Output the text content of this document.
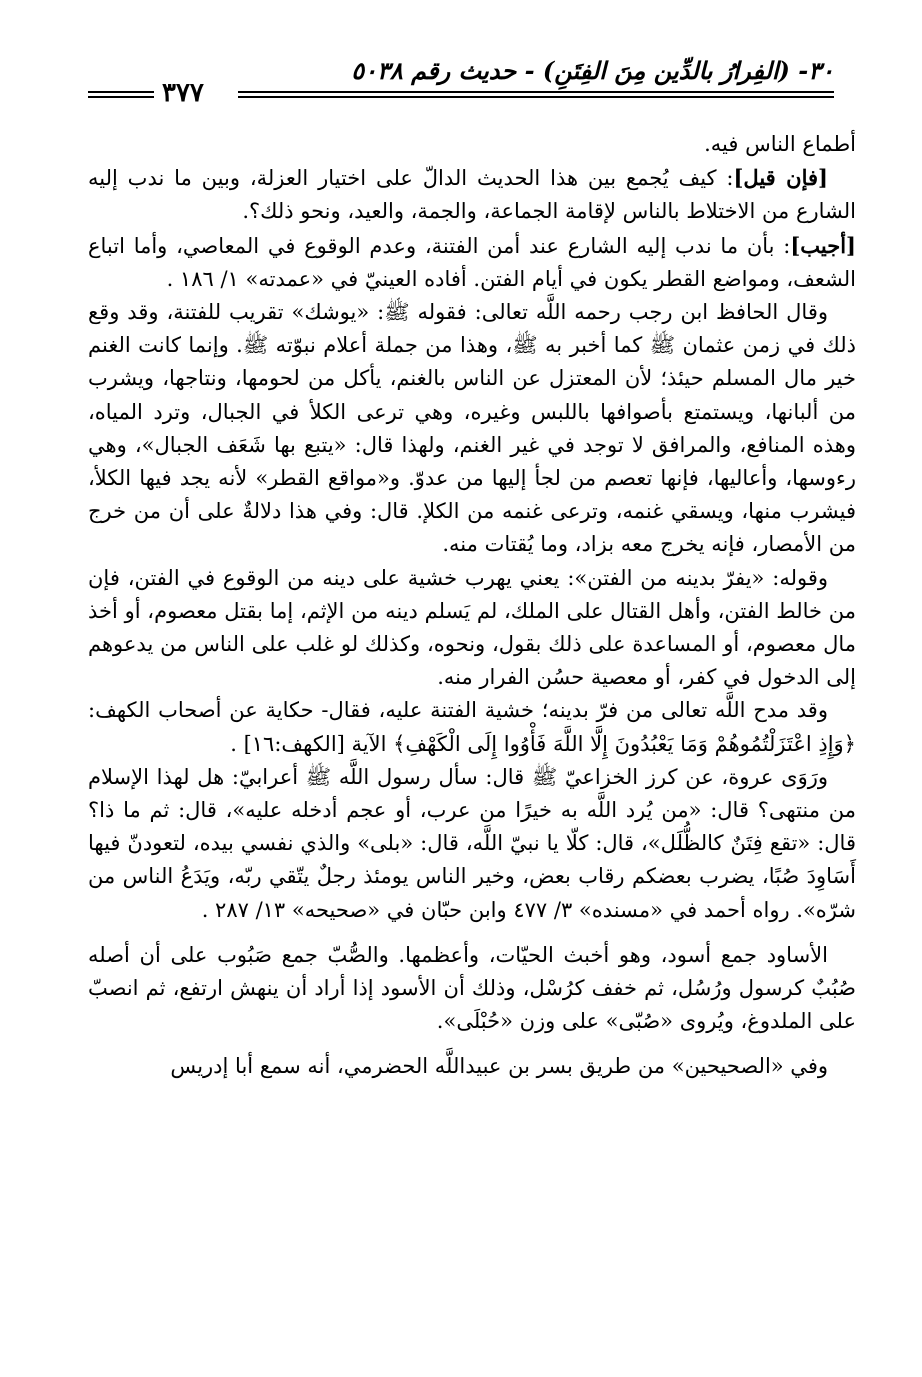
٣٠- (الفِرارُ بالدِّين مِنَ الفِتَنِ) - حديث رقم ٥٠٣٨
٣٧٧

أطماع الناس فيه.

[فإن قيل]: كيف يُجمع بين هذا الحديث الدالّ على اختيار العزلة، وبين ما ندب إليه الشارع من الاختلاط بالناس لإقامة الجماعة، والجمة، والعيد، ونحو ذلك؟.

[أجيب]: بأن ما ندب إليه الشارع عند أمن الفتنة، وعدم الوقوع في المعاصي، وأما اتباع الشعف، ومواضع القطر يكون في أيام الفتن. أفاده العينيّ في «عمدته» ١/ ١٨٦ .

وقال الحافظ ابن رجب رحمه اللَّه تعالى: فقوله ﷺ: «يوشك» تقريب للفتنة، وقد وقع ذلك في زمن عثمان ﷺ كما أخبر به ﷺ، وهذا من جملة أعلام نبوّته ﷺ. وإنما كانت الغنم خير مال المسلم حيئذ؛ لأن المعتزل عن الناس بالغنم، يأكل من لحومها، ونتاجها، ويشرب من ألبانها، ويستمتع بأصوافها باللبس وغيره، وهي ترعى الكلأ في الجبال، وترد المياه، وهذه المنافع، والمرافق لا توجد في غير الغنم، ولهذا قال: «يتبع بها شَعَف الجبال»، وهي رءوسها، وأعاليها، فإنها تعصم من لجأ إليها من عدوّ. و«مواقع القطر» لأنه يجد فيها الكلأ، فيشرب منها، ويسقي غنمه، وترعى غنمه من الكلإ. قال: وفي هذا دلالةٌ على أن من خرج من الأمصار، فإنه يخرج معه بزاد، وما يُقتات منه.

وقوله: «يفرّ بدينه من الفتن»: يعني يهرب خشية على دينه من الوقوع في الفتن، فإن من خالط الفتن، وأهل القتال على الملك، لم يَسلم دينه من الإثم، إما بقتل معصوم، أو أخذ مال معصوم، أو المساعدة على ذلك بقول، ونحوه، وكذلك لو غلب على الناس من يدعوهم إلى الدخول في كفر، أو معصية حسُن الفرار منه.

وقد مدح اللَّه تعالى من فرّ بدينه؛ خشية الفتنة عليه، فقال- حكاية عن أصحاب الكهف: ﴿وَإِذِ اعْتَزَلْتُمُوهُمْ وَمَا يَعْبُدُونَ إِلَّا اللَّهَ فَأْوُوا إِلَى الْكَهْفِ﴾ الآية [الكهف:١٦] .

ورَوَى عروة، عن كرز الخزاعيّ ﷺ قال: سأل رسول اللَّه ﷺ أعرابيّ: هل لهذا الإسلام من منتهى؟ قال: «من يُرد اللَّه به خيرًا من عرب، أو عجم أدخله عليه»، قال: ثم ما ذا؟ قال: «تقع فِتَنٌ كالظُّلَل»، قال: كلّا يا نبيّ اللَّه، قال: «بلى» والذي نفسي بيده، لتعودنّ فيها أَسَاوِدَ صُبًا، يضرب بعضكم رقاب بعض، وخير الناس يومئذ رجلٌ يتّقي ربّه، ويَدَعُ الناس من شرّه». رواه أحمد في «مسنده» ٣/ ٤٧٧ وابن حبّان في «صحيحه» ١٣/ ٢٨٧ .

الأساود جمع أسود، وهو أخبث الحيّات، وأعظمها. والصُّبّ جمع صَبُوب على أن أصله صُبُبٌ كرسول ورُسُل، ثم خفف كرُسْل، وذلك أن الأسود إذا أراد أن ينهش ارتفع، ثم انصبّ على الملدوغ، ويُروى «صُبّى» على وزن «حُبْلَى».

وفي «الصحيحين» من طريق بسر بن عبيداللَّه الحضرمي، أنه سمع أبا إدريس
